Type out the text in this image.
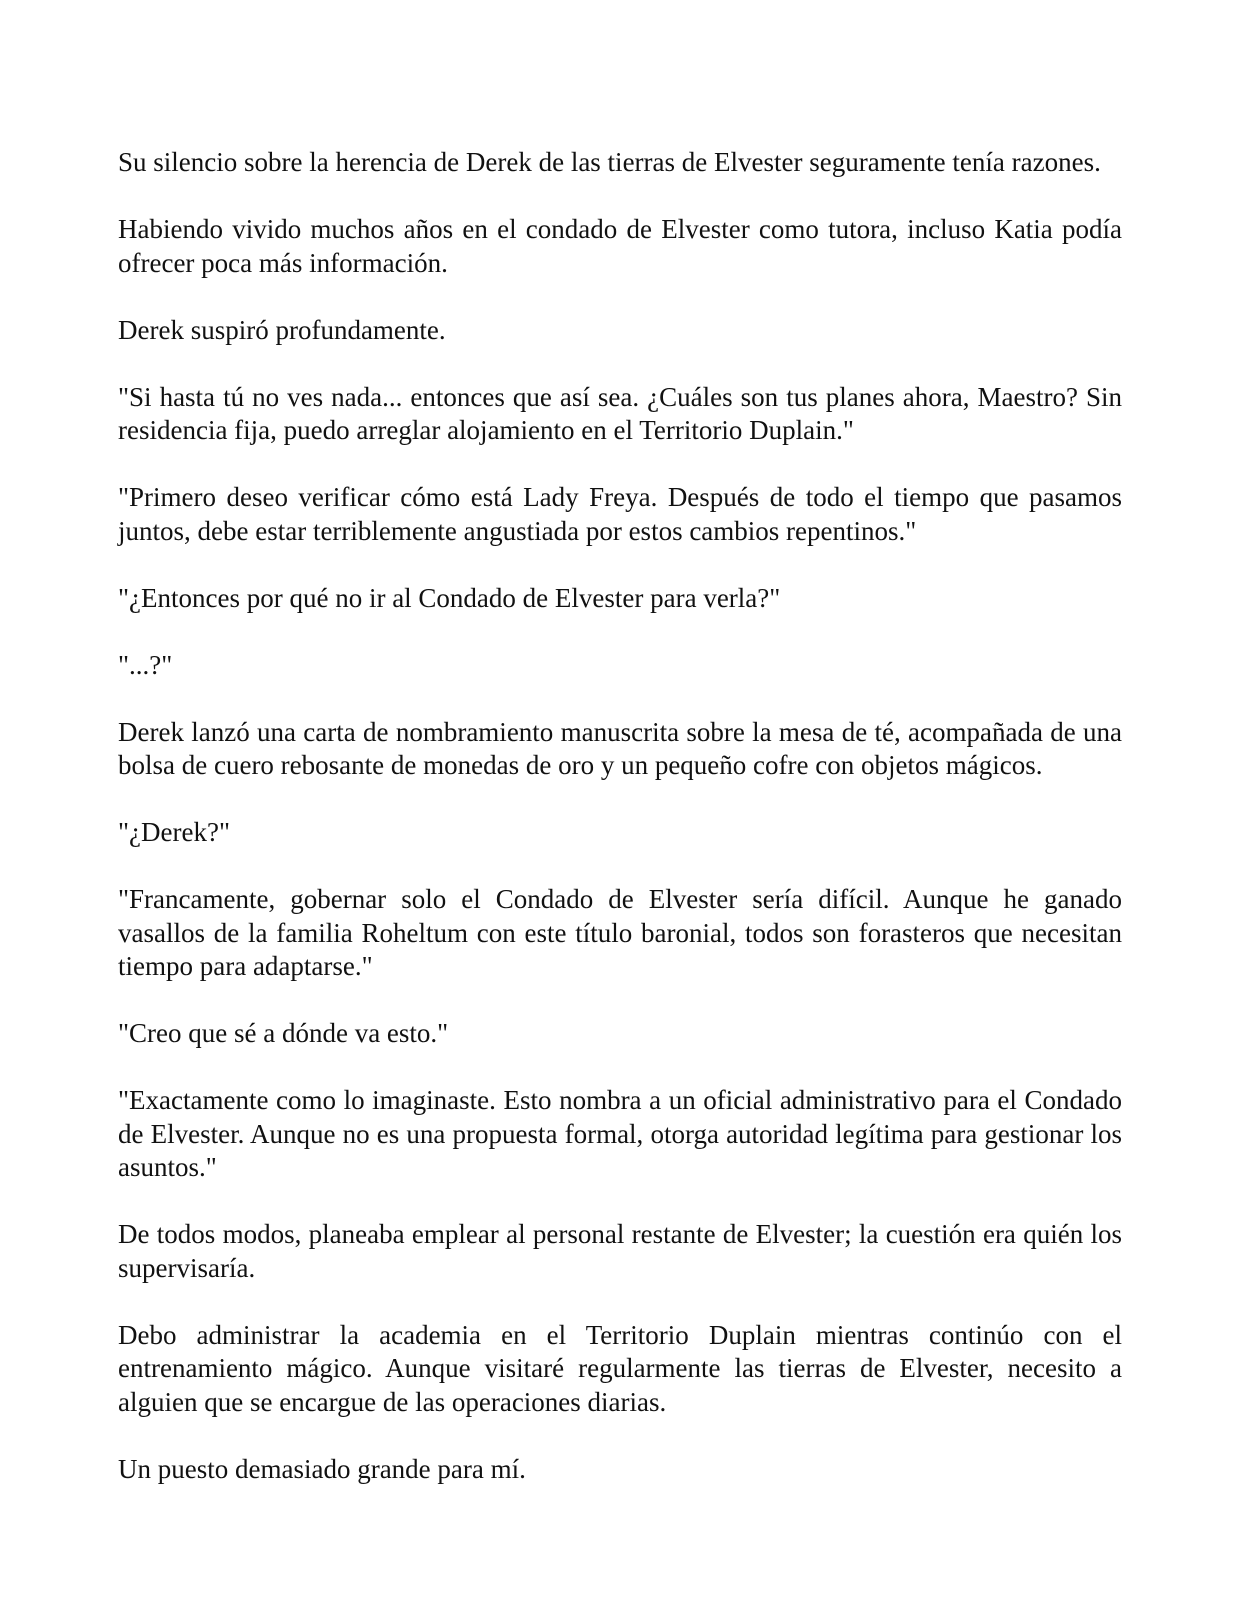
Su silencio sobre la herencia de Derek de las tierras de Elvester seguramente tenía razones.

Habiendo vivido muchos años en el condado de Elvester como tutora, incluso Katia podía ofrecer poca más información.

Derek suspiró profundamente.

"Si hasta tú no ves nada... entonces que así sea. ¿Cuáles son tus planes ahora, Maestro? Sin residencia fija, puedo arreglar alojamiento en el Territorio Duplain."

"Primero deseo verificar cómo está Lady Freya. Después de todo el tiempo que pasamos juntos, debe estar terriblemente angustiada por estos cambios repentinos."

"¿Entonces por qué no ir al Condado de Elvester para verla?"

"...?"

Derek lanzó una carta de nombramiento manuscrita sobre la mesa de té, acompañada de una bolsa de cuero rebosante de monedas de oro y un pequeño cofre con objetos mágicos.

"¿Derek?"

"Francamente, gobernar solo el Condado de Elvester sería difícil. Aunque he ganado vasallos de la familia Roheltum con este título baronial, todos son forasteros que necesitan tiempo para adaptarse."

"Creo que sé a dónde va esto."

"Exactamente como lo imaginaste. Esto nombra a un oficial administrativo para el Condado de Elvester. Aunque no es una propuesta formal, otorga autoridad legítima para gestionar los asuntos."

De todos modos, planeaba emplear al personal restante de Elvester; la cuestión era quién los supervisaría.

Debo administrar la academia en el Territorio Duplain mientras continúo con el entrenamiento mágico. Aunque visitaré regularmente las tierras de Elvester, necesito a alguien que se encargue de las operaciones diarias.

Un puesto demasiado grande para mí.
